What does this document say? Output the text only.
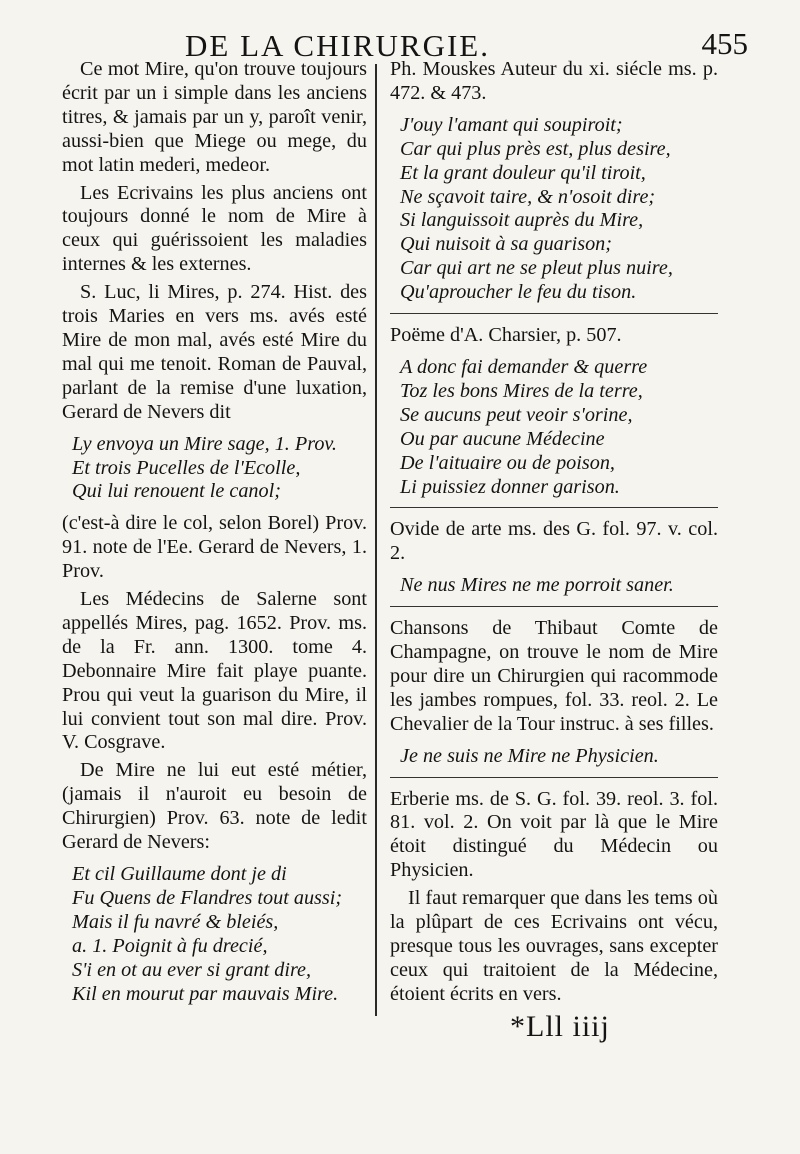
DE LA CHIRURGIE.	455

Ce mot Mire, qu'on trouve toujours écrit par un i simple dans les anciens titres, & jamais par un y, paroît venir, aussi-bien que Miege ou mege, du mot latin mederi, medeor.

Les Ecrivains les plus anciens ont toujours donné le nom de Mire à ceux qui guérissoient les maladies internes & les externes.

S. Luc, li Mires, p. 274. Hist. des trois Maries en vers ms. avés esté Mire de mon mal, avés esté Mire du mal qui me tenoit. Roman de Pauval, parlant de la remise d'une luxation, Gerard de Nevers dit

Ly envoya un Mire sage, 1. Prov.
Et trois Pucelles de l'Ecolle,
Qui lui renouent le canol;

(c'est-à dire le col, selon Borel) Prov. 91. note de l'Ee. Gerard de Nevers, 1. Prov.

Les Médecins de Salerne sont appellés Mires, pag. 1652. Prov. ms. de la Fr. ann. 1300. tome 4. Debonnaire Mire fait playe puante. Prou qui veut la guarison du Mire, il lui convient tout son mal dire. Prov. V. Cosgrave.

De Mire ne lui eut esté métier, (jamais il n'auroit eu besoin de Chirurgien) Prov. 63. note de ledit Gerard de Nevers:

Et cil Guillaume dont je di
Fu Quens de Flandres tout aussi;
Mais il fu navré & bleiés,
a. 1. Poignit à fu drecié,
S'i en ot au ever si grant dire,
Kil en mourut par mauvais Mire.

Ph. Mouskes Auteur du xi. siécle ms. p. 472. & 473.

J'ouy l'amant qui soupiroit;
Car qui plus près est, plus desire,
Et la grant douleur qu'il tiroit,
Ne sçavoit taire, & n'osoit dire;
Si languissoit auprès du Mire,
Qui nuisoit à sa guarison;
Car qui art ne se pleut plus nuire,
Qu'aproucher le feu du tison.

Poëme d'A. Charsier, p. 507.

A donc fai demander & querre
Toz les bons Mires de la terre,
Se aucuns peut veoir s'orine,
Ou par aucune Médecine
De l'aituaire ou de poison,
Li puissiez donner garison.

Ovide de arte ms. des G. fol. 97. v. col. 2.

Ne nus Mires ne me porroit saner.

Chansons de Thibaut Comte de Champagne, on trouve le nom de Mire pour dire un Chirurgien qui racommode les jambes rompues, fol. 33. reol. 2. Le Chevalier de la Tour instruc. à ses filles.

Je ne suis ne Mire ne Physicien.

Erberie ms. de S. G. fol. 39. reol. 3. fol. 81. vol. 2. On voit par là que le Mire étoit distingué du Médecin ou Physicien.

Il faut remarquer que dans les tems où la plûpart de ces Ecrivains ont vécu, presque tous les ouvrages, sans excepter ceux qui traitoient de la Médecine, étoient écrits en vers.

*Lll iiij
